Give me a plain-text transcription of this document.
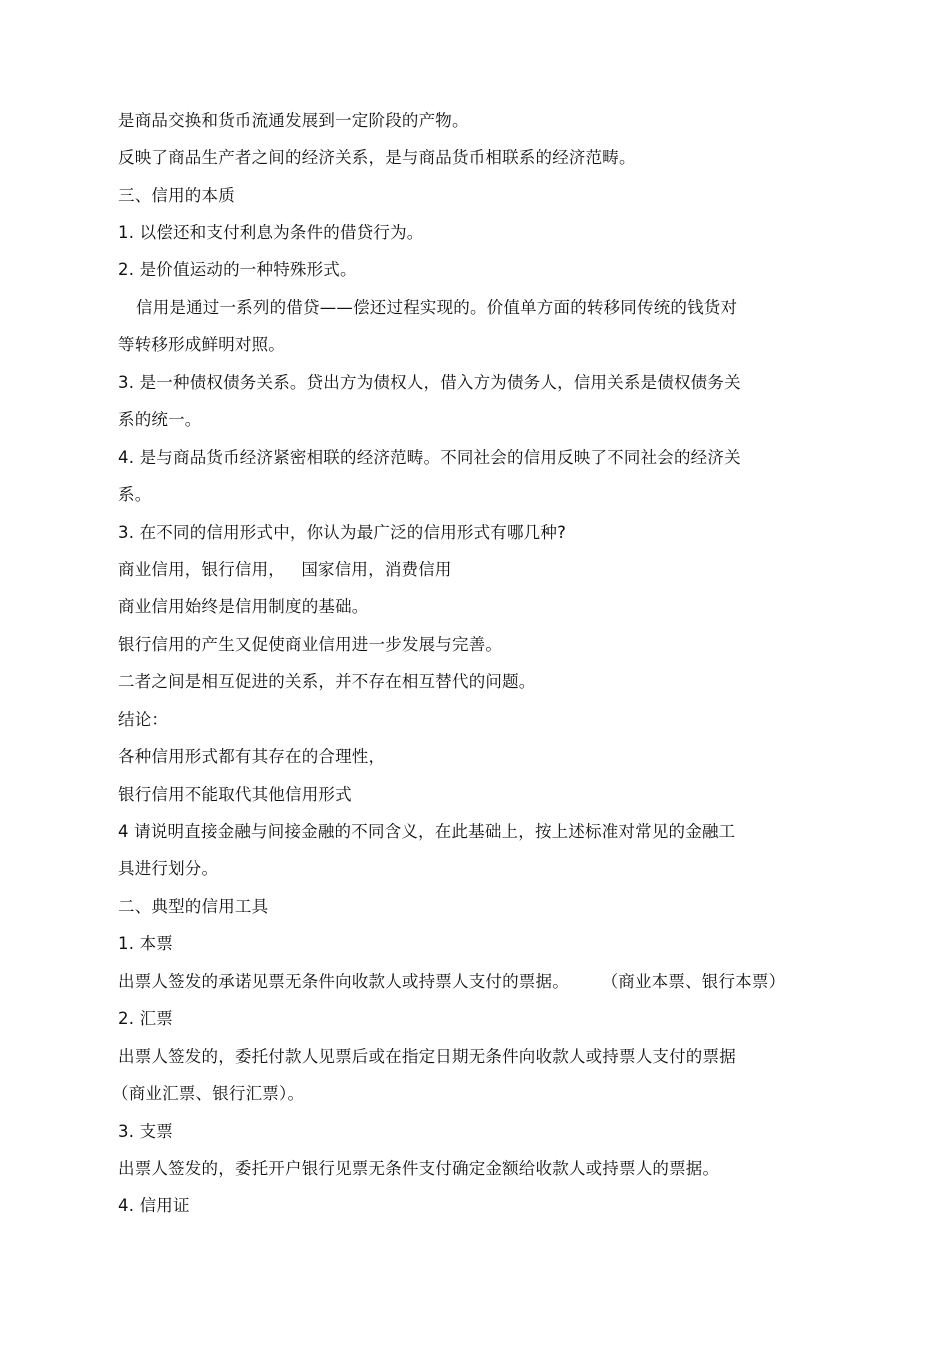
是商品交换和货币流通发展到一定阶段的产物。
反映了商品生产者之间的经济关系，是与商品货币相联系的经济范畴。
三、信用的本质
1. 以偿还和支付利息为条件的借贷行为。
2. 是价值运动的一种特殊形式。
信用是通过一系列的借贷——偿还过程实现的。价值单方面的转移同传统的钱货对
等转移形成鲜明对照。
3. 是一种债权债务关系。贷出方为债权人，借入方为债务人，信用关系是债权债务关
系的统一。
4. 是与商品货币经济紧密相联的经济范畴。不同社会的信用反映了不同社会的经济关
系。
3. 在不同的信用形式中，你认为最广泛的信用形式有哪几种?
商业信用，银行信用，   国家信用，消费信用
商业信用始终是信用制度的基础。
银行信用的产生又促使商业信用进一步发展与完善。
二者之间是相互促进的关系，并不存在相互替代的问题。
结论：
各种信用形式都有其存在的合理性，
银行信用不能取代其他信用形式
4 请说明直接金融与间接金融的不同含义，在此基础上，按上述标准对常见的金融工
具进行划分。
二、典型的信用工具
1. 本票
出票人签发的承诺见票无条件向收款人或持票人支付的票据。      （商业本票、银行本票）
2. 汇票
出票人签发的，委托付款人见票后或在指定日期无条件向收款人或持票人支付的票据
（商业汇票、银行汇票）。
3. 支票
出票人签发的，委托开户银行见票无条件支付确定金额给收款人或持票人的票据。
4. 信用证
